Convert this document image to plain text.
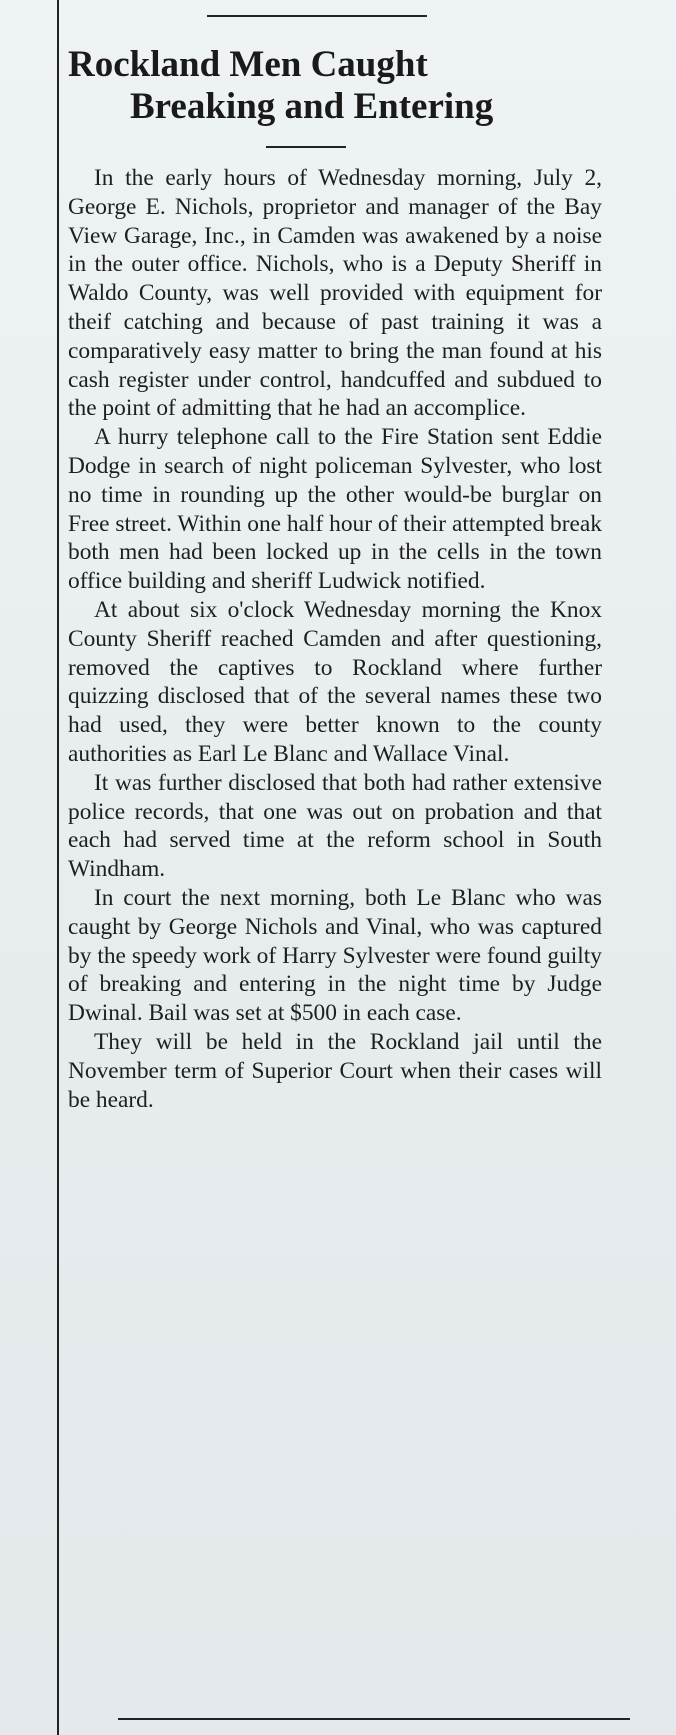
Rockland Men Caught
Breaking and Entering

In the early hours of Wednesday morning, July 2, George E. Nichols, proprietor and manager of the Bay View Garage, Inc., in Camden was awakened by a noise in the outer office. Nichols, who is a Deputy Sheriff in Waldo County, was well provided with equipment for theif catching and because of past training it was a comparatively easy matter to bring the man found at his cash register under control, handcuffed and subdued to the point of admitting that he had an accomplice.

A hurry telephone call to the Fire Station sent Eddie Dodge in search of night policeman Sylvester, who lost no time in rounding up the other would-be burglar on Free street. Within one half hour of their attempted break both men had been locked up in the cells in the town office building and sheriff Ludwick notified.

At about six o'clock Wednesday morning the Knox County Sheriff reached Camden and after questioning, removed the captives to Rockland where further quizzing disclosed that of the several names these two had used, they were better known to the county authorities as Earl Le Blanc and Wallace Vinal.

It was further disclosed that both had rather extensive police records, that one was out on probation and that each had served time at the reform school in South Windham.

In court the next morning, both Le Blanc who was caught by George Nichols and Vinal, who was captured by the speedy work of Harry Sylvester were found guilty of breaking and entering in the night time by Judge Dwinal. Bail was set at $500 in each case.

They will be held in the Rockland jail until the November term of Superior Court when their cases will be heard.
